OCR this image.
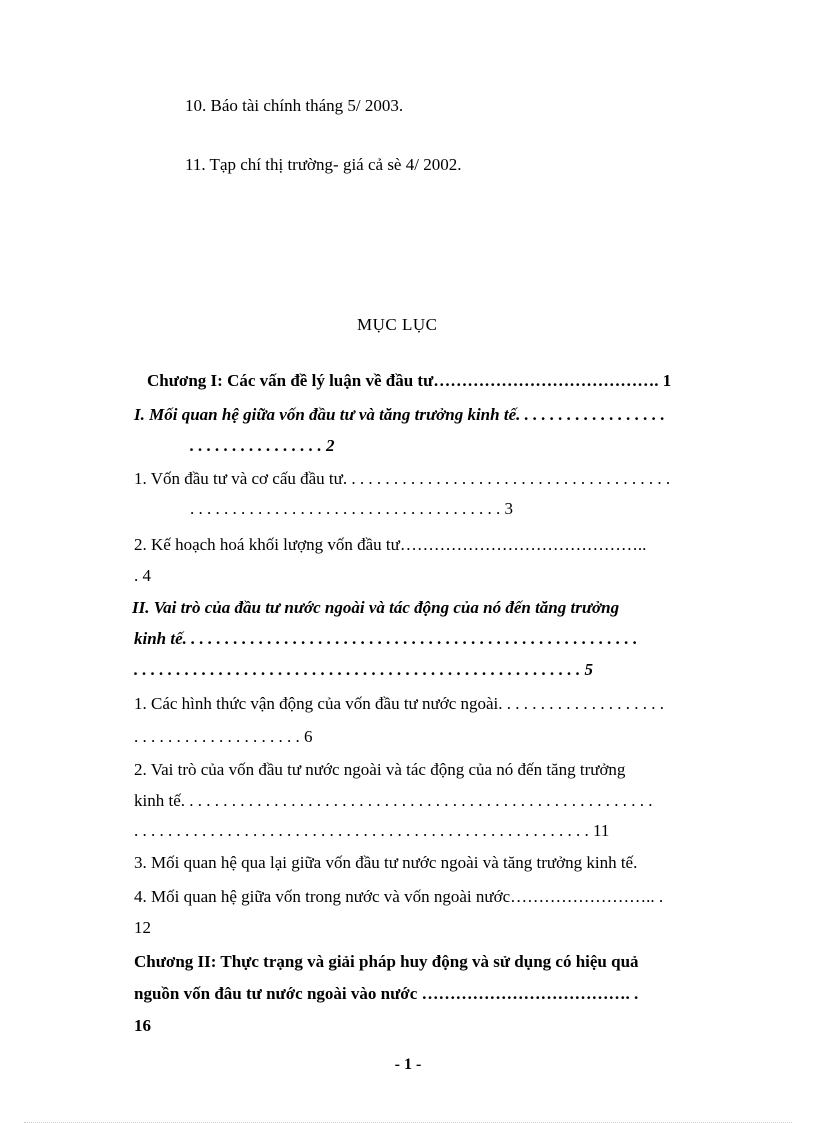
10. Báo tài chính tháng 5/ 2003.
11. Tạp chí thị trường- giá cả sè 4/ 2002.
MỤC LỤC
Chương I: Các vấn đề lý luận về đầu tư…………………………………. 1
I. Mối quan hệ giữa vốn đầu tư và tăng trưởng kinh tế. . . . . . . . . . . . . . . . . .
. . . . . . . . . . . . . . . . 2
1. Vốn đầu tư và cơ cấu đầu tư. . . . . . . . . . . . . . . . . . . . . . . . . . . . . . . . . . . . . . .
. . . . . . . . . . . . . . . . . . . . . . . . . . . . . . . . . . . . . 3
2. Kế hoạch hoá khối lượng vốn đầu tư……………………………………..
. 4
II. Vai trò của đầu tư nước ngoài và tác động của nó đến tăng trưởng
kinh tế. . . . . . . . . . . . . . . . . . . . . . . . . . . . . . . . . . . . . . . . . . . . . . . . . . . . . .
. . . . . . . . . . . . . . . . . . . . . . . . . . . . . . . . . . . . . . . . . . . . . . . . . . . . . 5
1. Các hình thức vận động của vốn đầu tư nước ngoài. . . . . . . . . . . . . . . . . . . .
. . . . . . . . . . . . . . . . . . . . 6
2. Vai trò của vốn đầu tư nước ngoài và tác động của nó đến tăng trưởng
kinh tế. . . . . . . . . . . . . . . . . . . . . . . . . . . . . . . . . . . . . . . . . . . . . . . . . . . . . . . .
. . . . . . . . . . . . . . . . . . . . . . . . . . . . . . . . . . . . . . . . . . . . . . . . . . . . . . 11
3. Mối quan hệ qua lại giữa vốn đầu tư nước ngoài và tăng trưởng kinh tế.
4. Mối quan hệ giữa vốn trong nước và vốn ngoài nước…………………….. .
12
Chương II: Thực trạng và giải pháp huy động và sử dụng có hiệu quả
nguồn vốn đâu tư nước ngoài vào nước ………………………………. .
16
- 1 -
